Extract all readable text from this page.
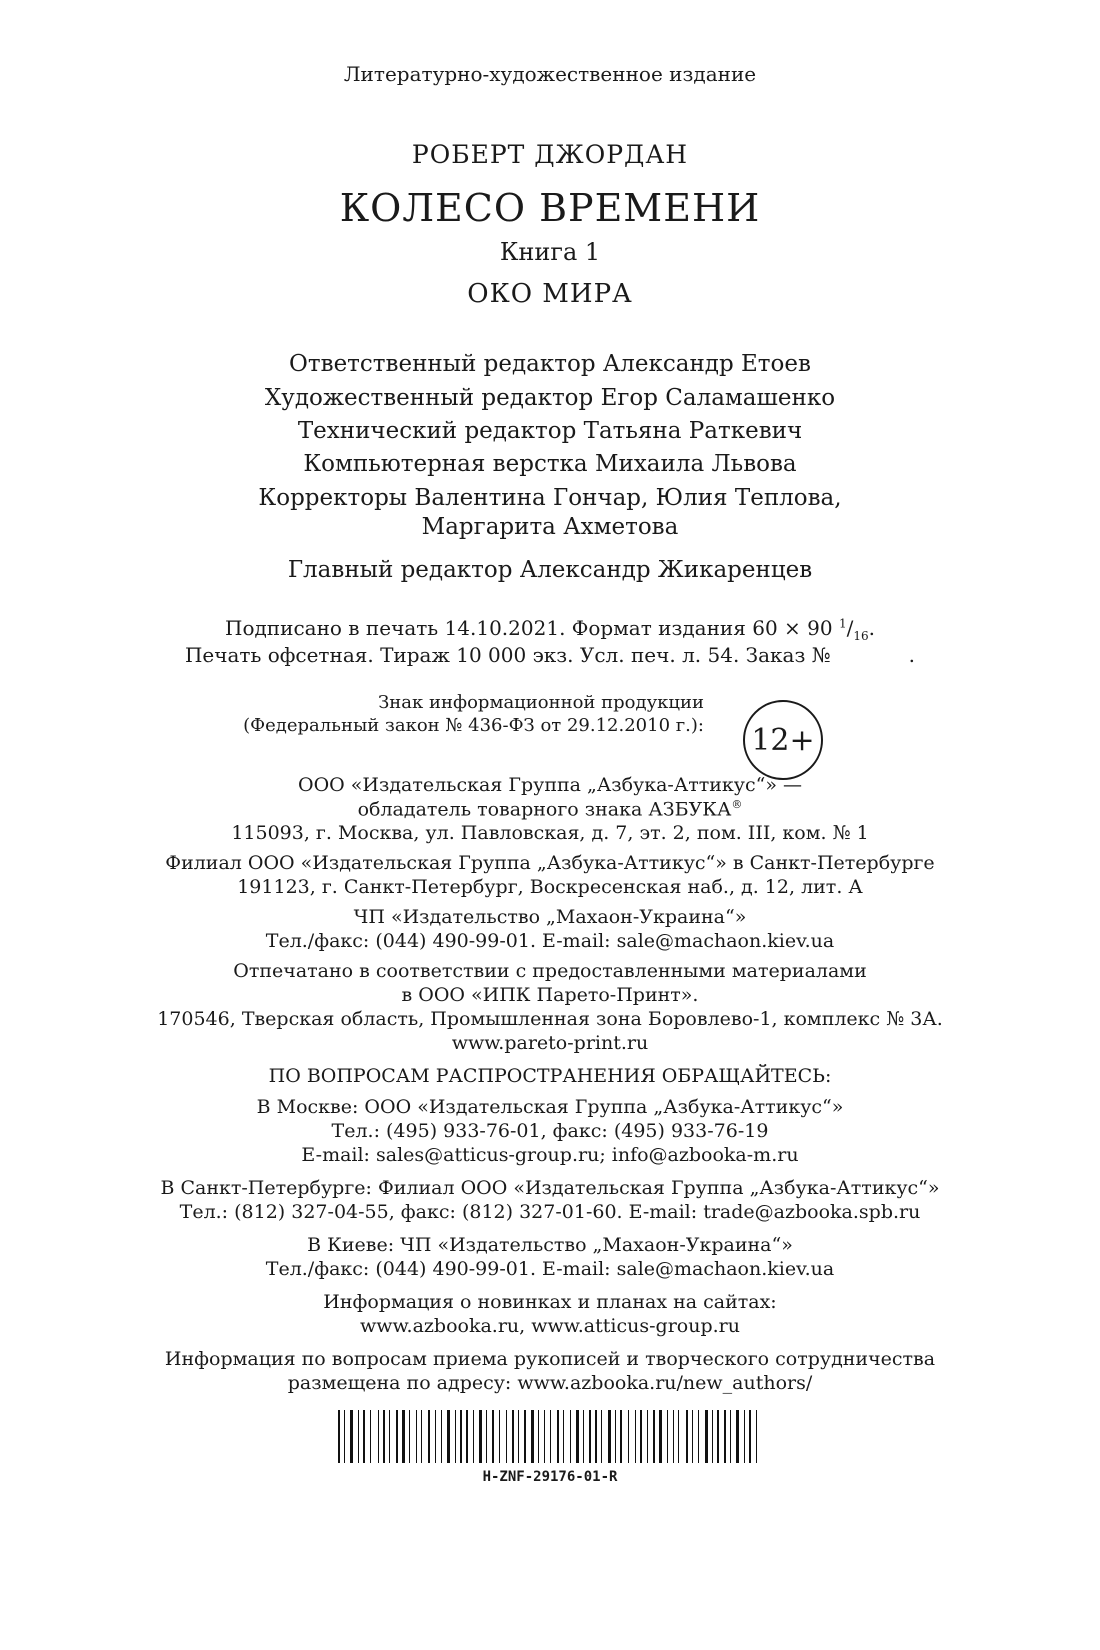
Литературно-художественное издание
РОБЕРТ ДЖОРДАН
КОЛЕСО ВРЕМЕНИ
Книга 1
ОКО МИРА
Ответственный редактор Александр Етоев
Художественный редактор Егор Саламашенко
Технический редактор Татьяна Раткевич
Компьютерная верстка Михаила Львова
Корректоры Валентина Гончар, Юлия Теплова,
Маргарита Ахметова
Главный редактор Александр Жикаренцев
Подписано в печать 14.10.2021. Формат издания 60 × 90 $^1/_{16}$.
Печать офсетная. Тираж 10 000 экз. Усл. печ. л. 54. Заказ №	.
Знак информационной продукции
(Федеральный закон № 436-ФЗ от 29.12.2010 г.): 12+
ООО «Издательская Группа „Азбука-Аттикус“» —
обладатель товарного знака АЗБУКА®
115093, г. Москва, ул. Павловская, д. 7, эт. 2, пом. III, ком. № 1
Филиал ООО «Издательская Группа „Азбука-Аттикус“» в Санкт-Петербурге
191123, г. Санкт-Петербург, Воскресенская наб., д. 12, лит. А
ЧП «Издательство „Махаон-Украина“»
Тел./факс: (044) 490-99-01. E-mail: sale@machaon.kiev.ua
Отпечатано в соответствии с предоставленными материалами
в ООО «ИПК Парето-Принт».
170546, Тверская область, Промышленная зона Боровлево-1, комплекс № 3А.
www.pareto-print.ru
ПО ВОПРОСАМ РАСПРОСТРАНЕНИЯ ОБРАЩАЙТЕСЬ:
В Москве: ООО «Издательская Группа „Азбука-Аттикус“»
Тел.: (495) 933-76-01, факс: (495) 933-76-19
E-mail: sales@atticus-group.ru; info@azbooka-m.ru
В Санкт-Петербурге: Филиал ООО «Издательская Группа „Азбука-Аттикус“»
Тел.: (812) 327-04-55, факс: (812) 327-01-60. E-mail: trade@azbooka.spb.ru
В Киеве: ЧП «Издательство „Махаон-Украина“»
Тел./факс: (044) 490-99-01. E-mail: sale@machaon.kiev.ua
Информация о новинках и планах на сайтах:
www.azbooka.ru, www.atticus-group.ru
Информация по вопросам приема рукописей и творческого сотрудничества
размещена по адресу: www.azbooka.ru/new_authors/
H-ZNF-29176-01-R
